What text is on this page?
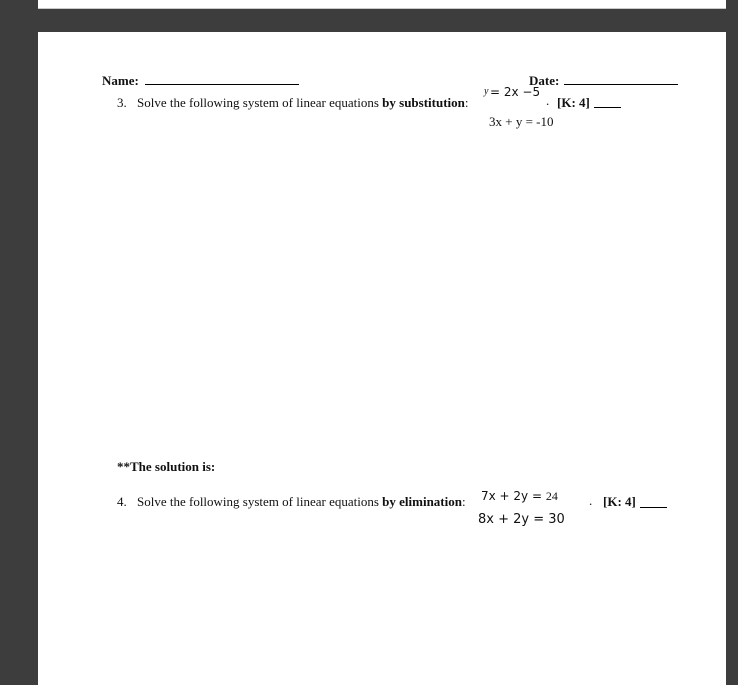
Name:	Date:
3. Solve the following system of linear equations by substitution:
y = 2x −5
. [K: 4]
3x + y = -10
**The solution is:
4. Solve the following system of linear equations by elimination: 7x + 2y = 24 . [K: 4]
8x + 2y = 30
